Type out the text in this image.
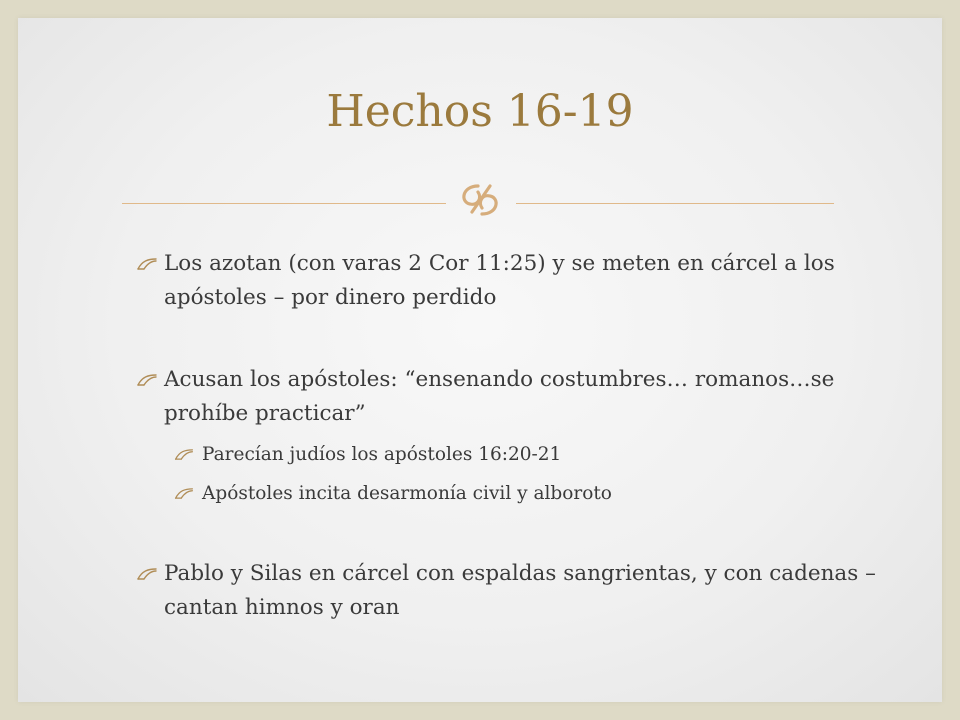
Hechos 16-19
Los azotan (con varas 2 Cor 11:25) y se meten en cárcel a los apóstoles – por dinero perdido
Acusan los apóstoles: “ensenando costumbres… romanos…se prohíbe practicar”
Parecían judíos los apóstoles 16:20-21
Apóstoles incita desarmonía civil y alboroto
Pablo y Silas en cárcel con espaldas sangrientas, y con cadenas – cantan himnos y oran
